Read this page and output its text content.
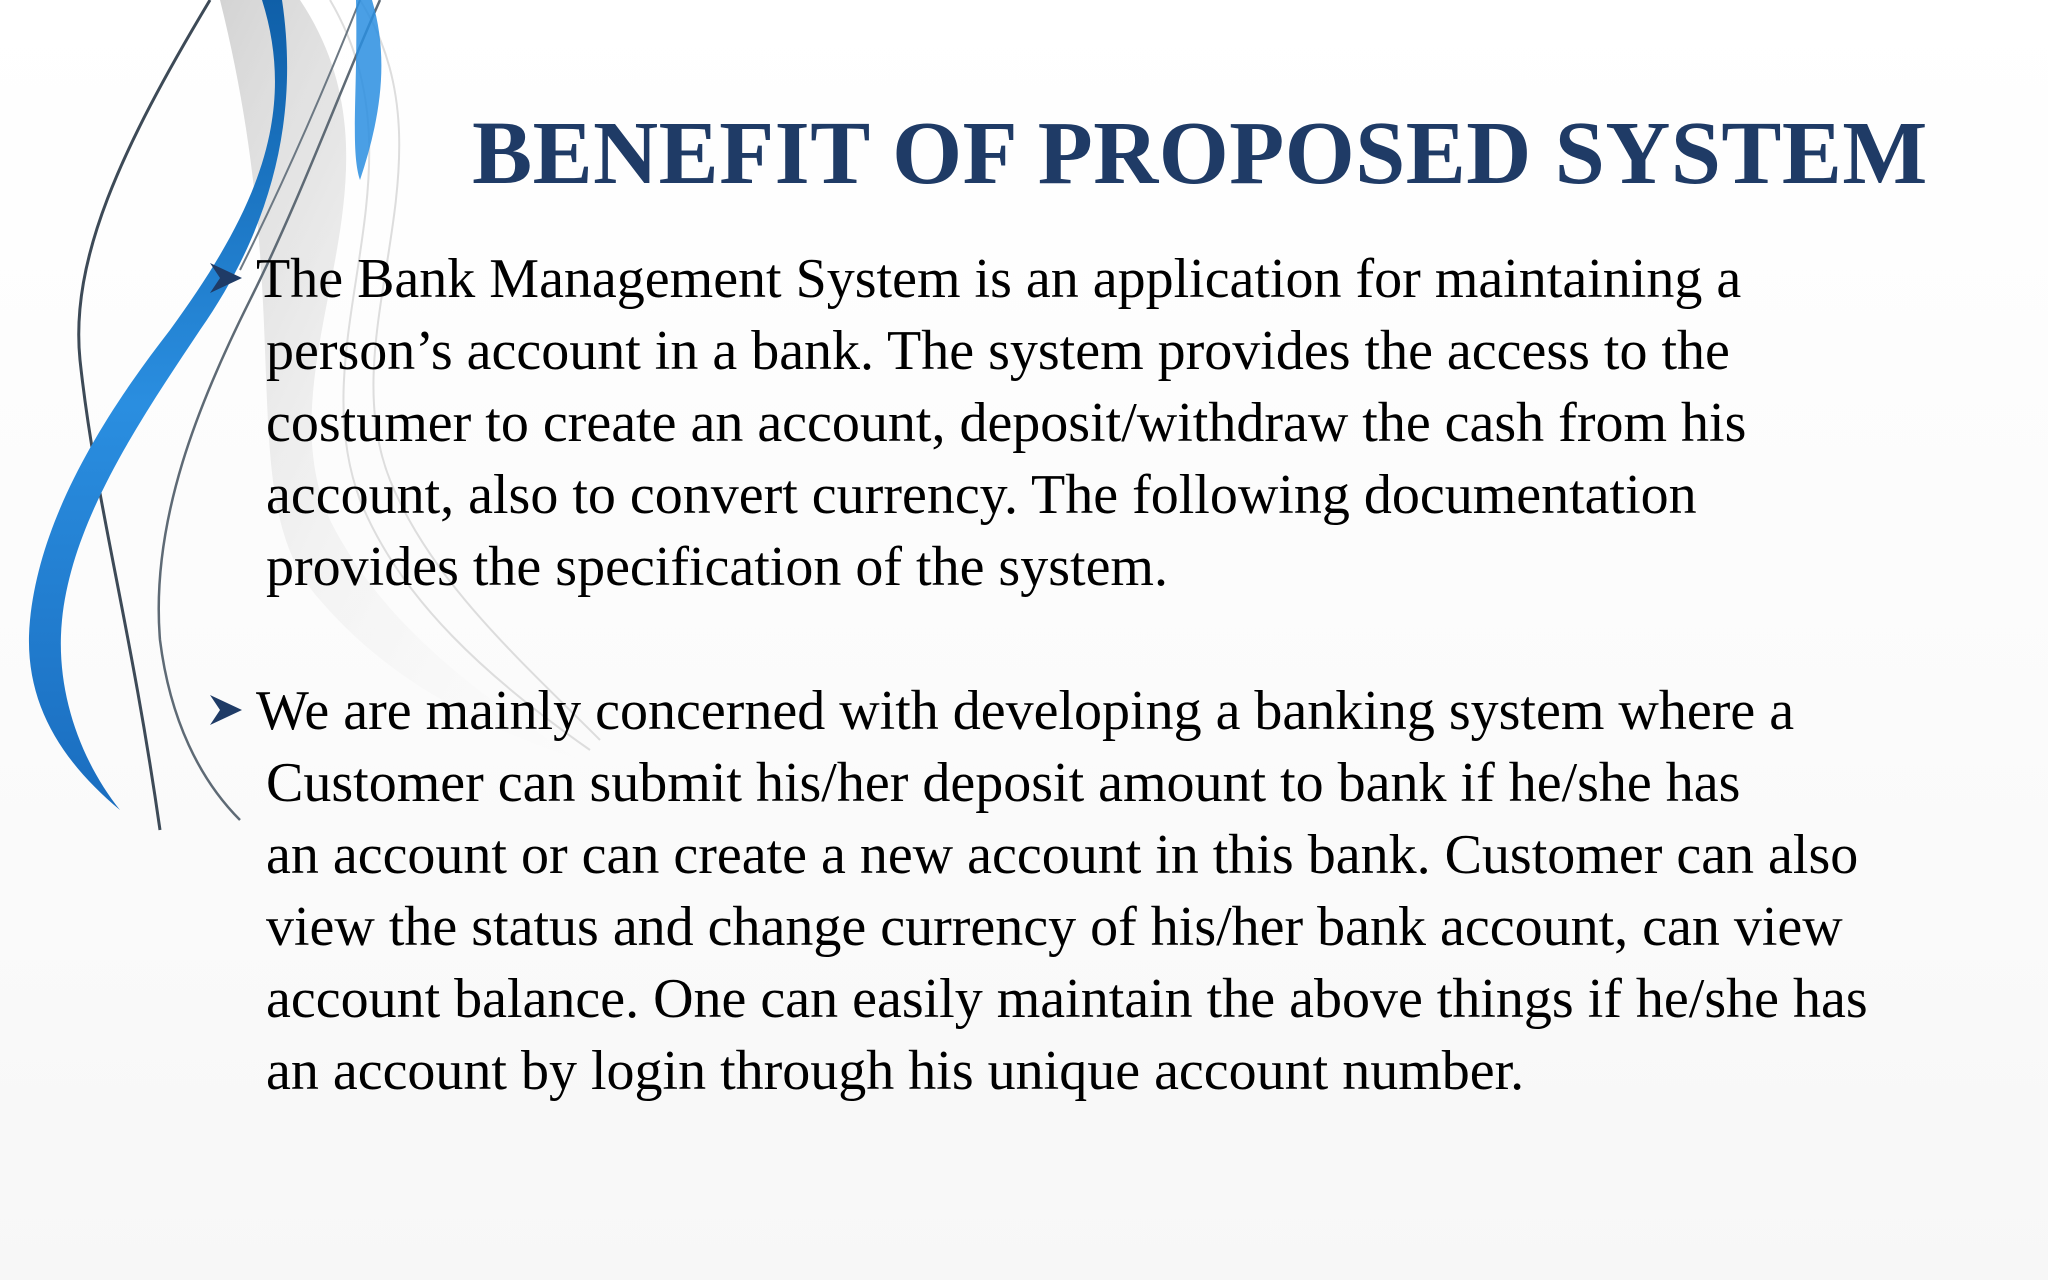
BENEFIT OF PROPOSED SYSTEM
The Bank Management System is an application for maintaining a
person’s account in a bank. The system provides the access to the
costumer to create an account, deposit/withdraw the cash from his
account, also to convert currency. The following documentation
provides the specification of the system.
We are mainly concerned with developing a banking system where a
Customer can submit his/her deposit amount to bank if he/she has
an account or can create a new account in this bank. Customer can also
view the status and change currency of his/her bank account, can view
account balance. One can easily maintain the above things if he/she has
an account by login through his unique account number.
